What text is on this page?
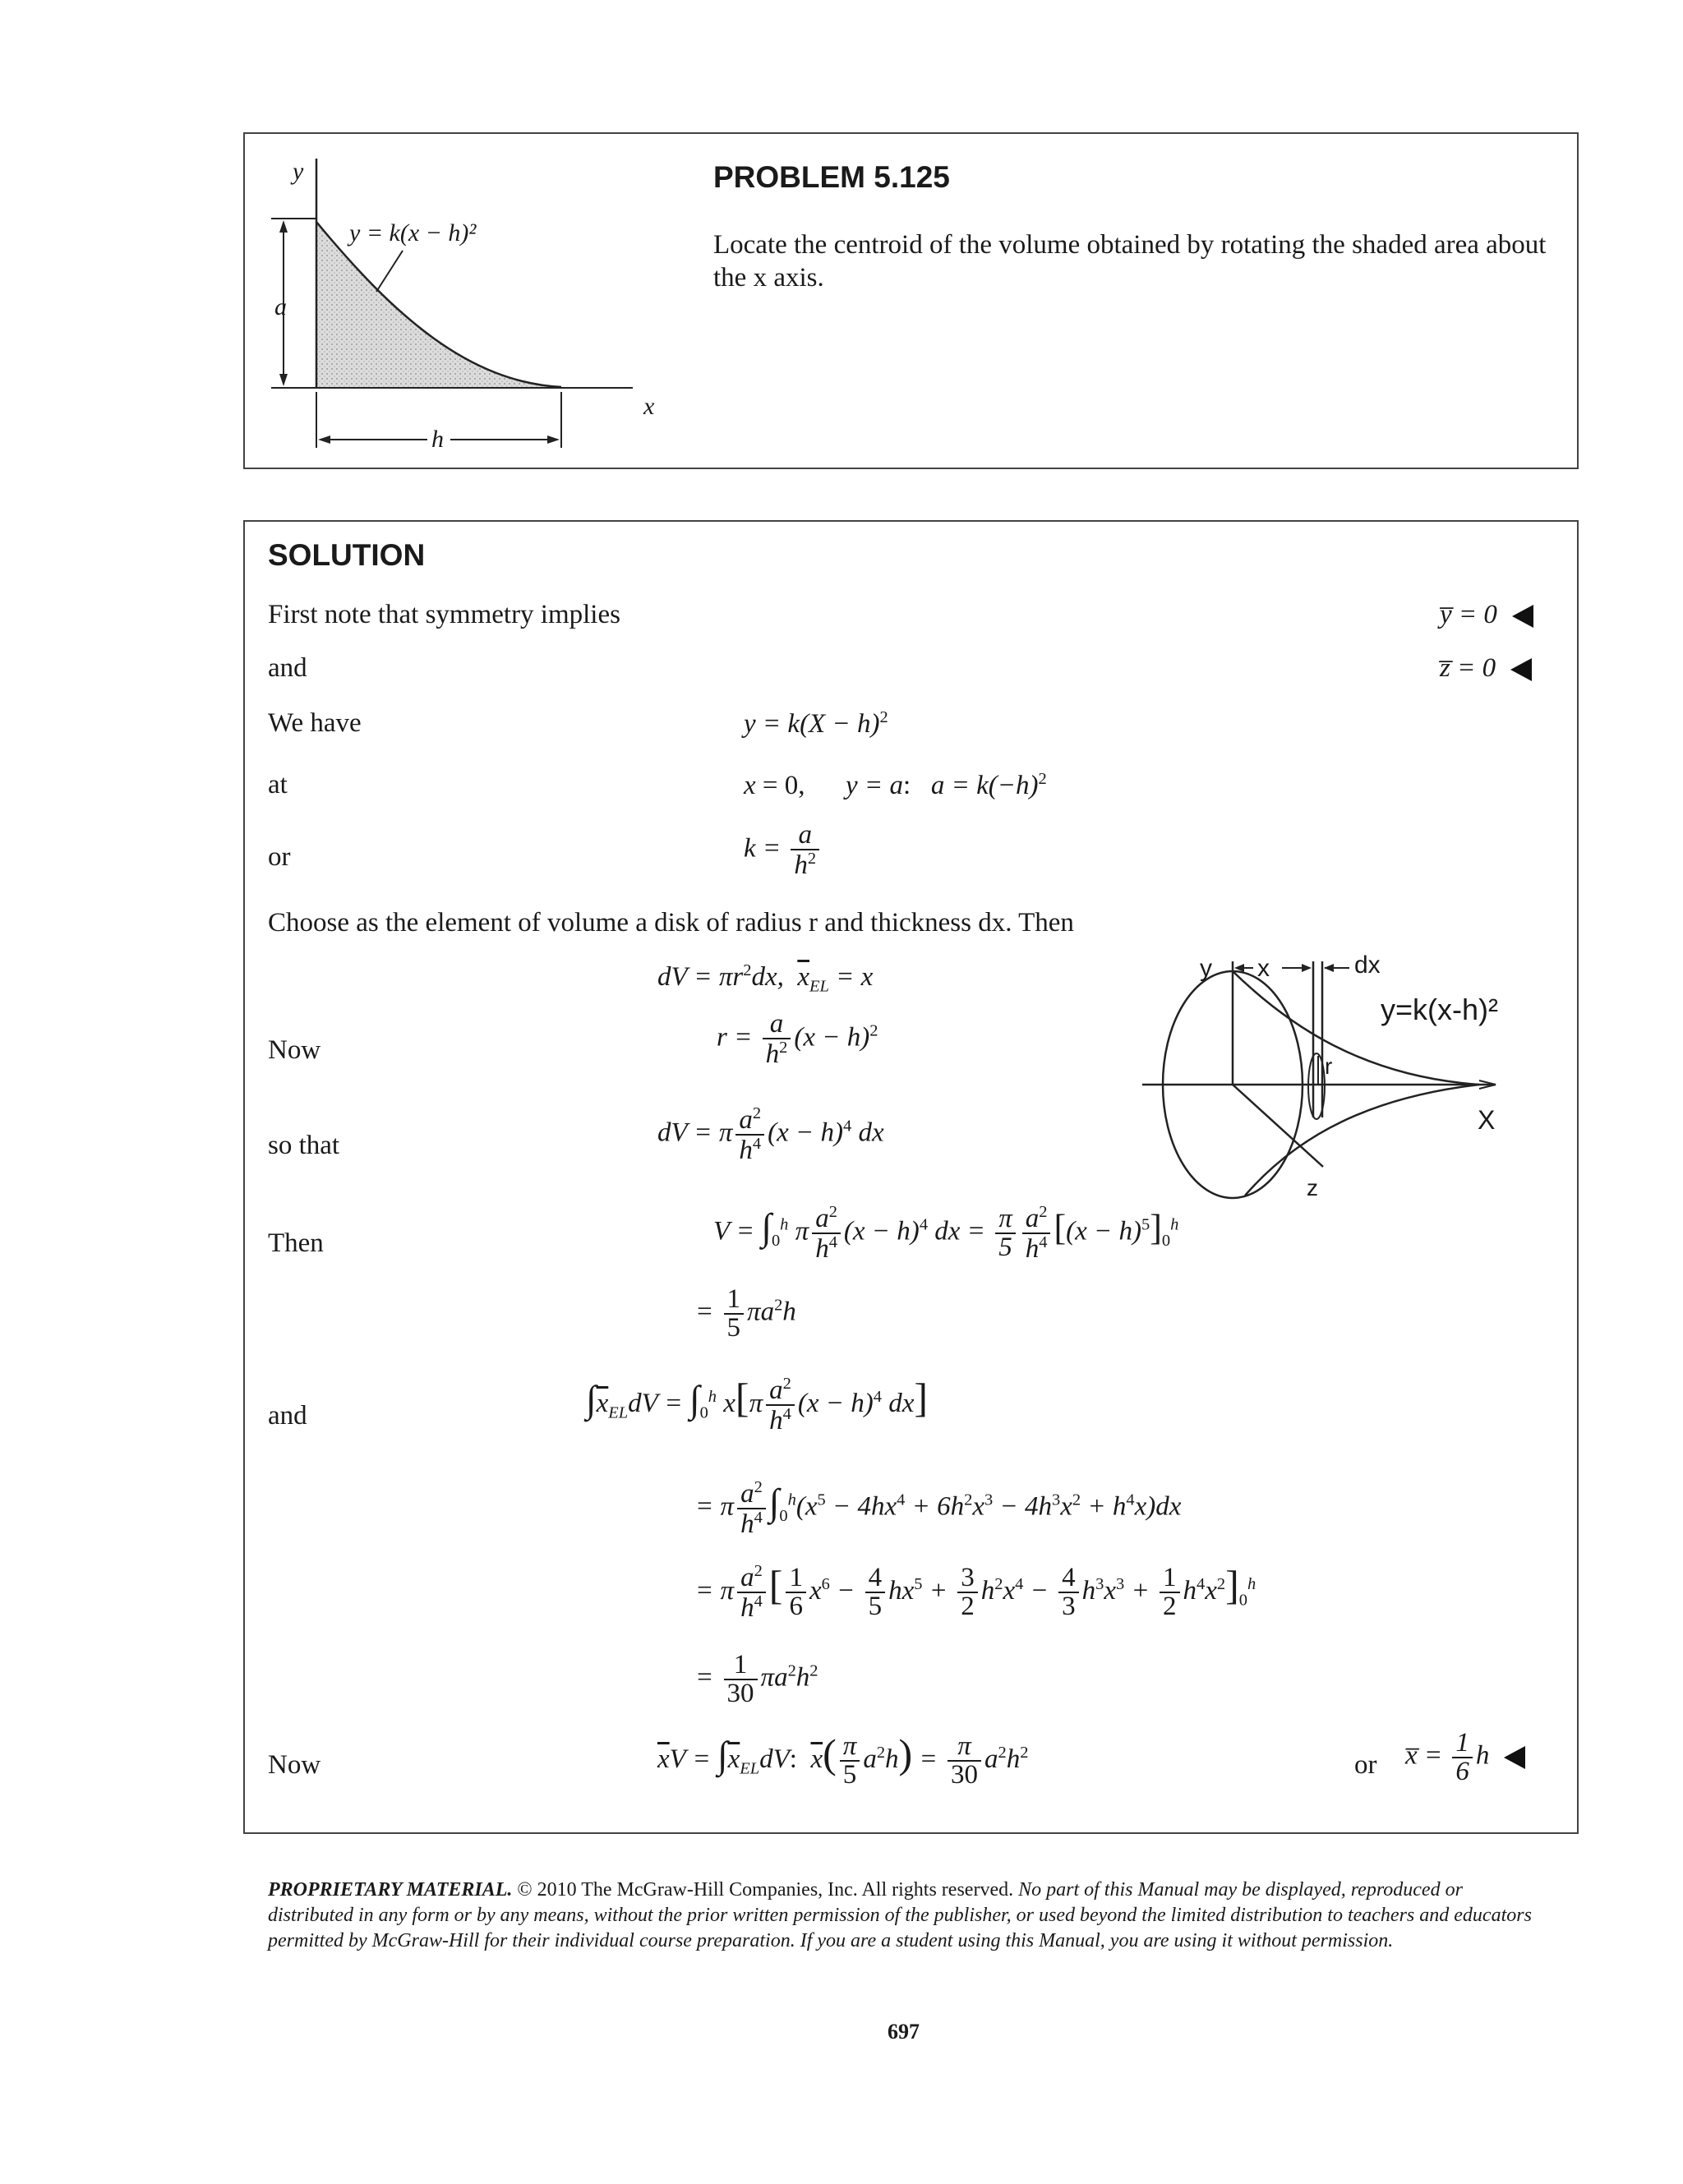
y
y = k(x − h)²
a
h
x
PROBLEM 5.125
Locate the centroid of the volume obtained by rotating the shaded area about the x axis.
SOLUTION
First note that symmetry implies	y̅ = 0
and	z̅ = 0
We have	$y = k(X - h)^2$
at	x = 0,      y = a:   $a = k(-h)^2$
or	$k = \frac{a}{h^2}$
Choose as the element of volume a disk of radius r and thickness dx. Then
dV = $\pi r^2dx$,  $\overline{x}_{EL} = x$
Now	$r = \frac{a}{h^2} (x - h)^2$
so that	dV = π $\frac{a^2}{h^4} (x - h)^4$ dx
Then	$V = \int_0^h$ π $\frac{a^2}{h^4} (x - h)^4$ dx = $\frac{\pi}{5} \frac{a^2}{h^4} [(x - h)^5]_0^h$
= $\frac{1}{5} \pi a^2h$
and	$\int\overline{x}_{EL}dV = \int_0^h$ $x[\pi \frac{a^2}{h^4} (x - h)^4$ dx]
= π $\frac{a^2}{h^4} \int_0^h(x^5 - 4hx^4 + 6h^2x^3 - 4h^3x^2 + h^4x)dx$
= π $\frac{a^2}{h^4}$ [ $\frac{1}{6} x^6 - \frac{4}{5} hx^5 + \frac{3}{2} h^2x^4 - \frac{4}{3} h^3x^3 + \frac{1}{2} h^4x^2]_0^h$
= $\frac{1}{30} \pi a^2h^2$
Now	$\overline{x}V = \int\overline{x}_{EL}dV$: $\overline{x}( \frac{\pi}{5} a^2h) = \frac{\pi}{30} a^2h^2$	or x̅ = $\frac{1}{6}$ h
y x	dx
y=k(x-h)²
r
X
z
PROPRIETARY MATERIAL. © 2010 The McGraw-Hill Companies, Inc. All rights reserved. No part of this Manual may be displayed, reproduced or distributed in any form or by any means, without the prior written permission of the publisher, or used beyond the limited distribution to teachers and educators permitted by McGraw-Hill for their individual course preparation. If you are a student using this Manual, you are using it without permission.
697
